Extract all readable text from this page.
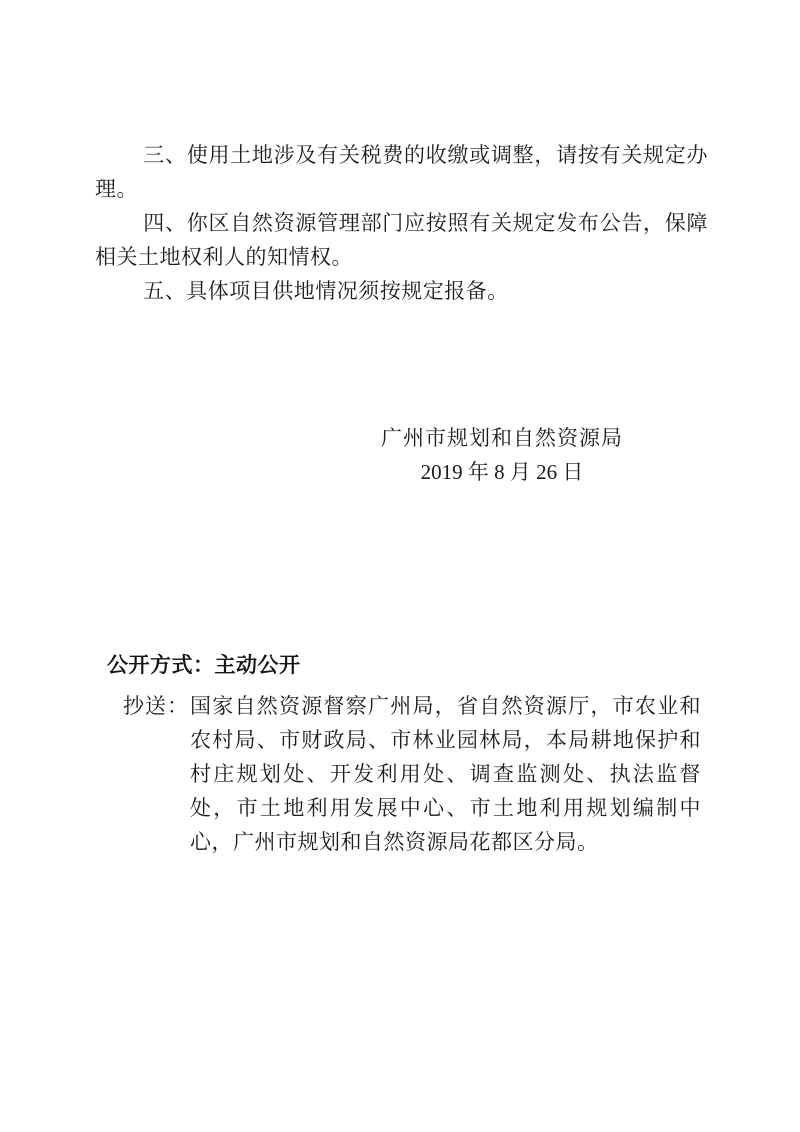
三、使用土地涉及有关税费的收缴或调整，请按有关规定办理。

四、你区自然资源管理部门应按照有关规定发布公告，保障相关土地权利人的知情权。

五、具体项目供地情况须按规定报备。

广州市规划和自然资源局
2019 年 8 月 26 日
公开方式：主动公开
抄送： 国家自然资源督察广州局，省自然资源厅，市农业和农村局、市财政局、市林业园林局，本局耕地保护和村庄规划处、开发利用处、调查监测处、执法监督处，市土地利用发展中心、市土地利用规划编制中心，广州市规划和自然资源局花都区分局。
